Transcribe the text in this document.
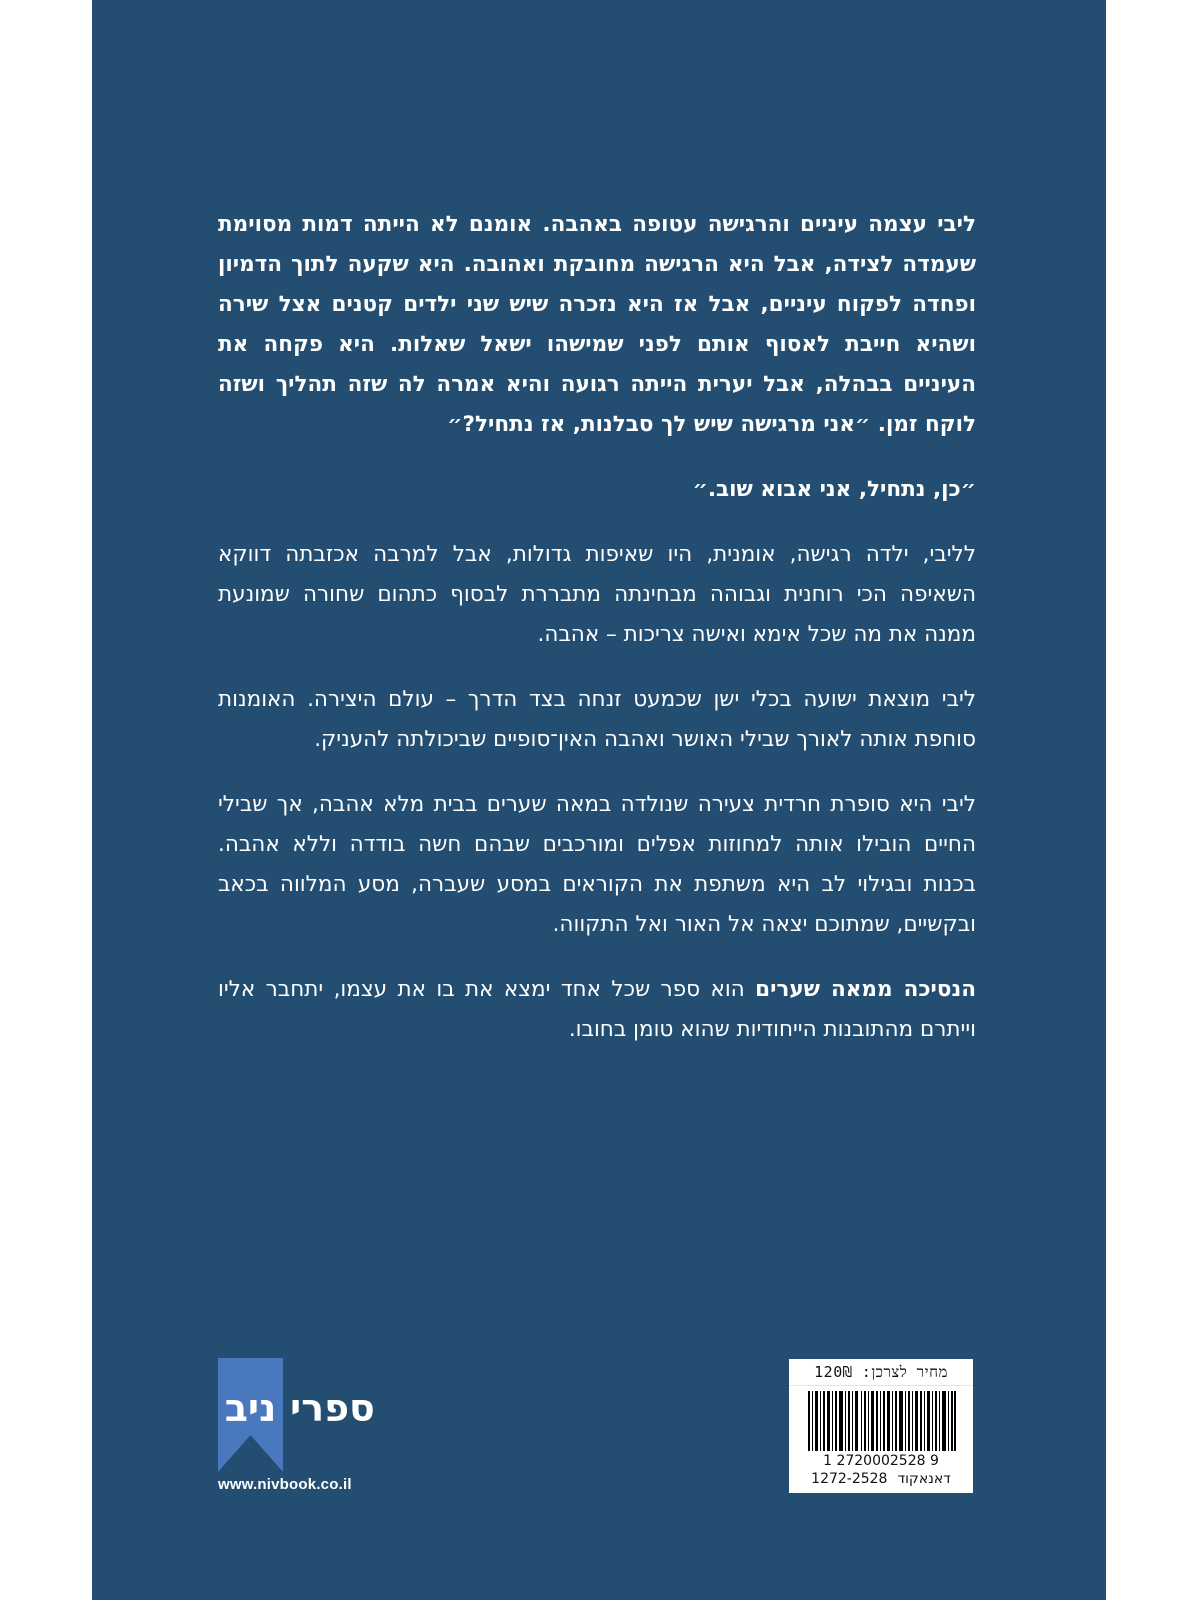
ליבי עצמה עיניים והרגישה עטופה באהבה. אומנם לא הייתה דמות מסוימת שעמדה לצידה, אבל היא הרגישה מחובקת ואהובה. היא שקעה לתוך הדמיון ופחדה לפקוח עיניים, אבל אז היא נזכרה שיש שני ילדים קטנים אצל שירה ושהיא חייבת לאסוף אותם לפני שמישהו ישאל שאלות. היא פקחה את העיניים בבהלה, אבל יערית הייתה רגועה והיא אמרה לה שזה תהליך ושזה לוקח זמן. ״אני מרגישה שיש לך סבלנות, אז נתחיל?״

״כן, נתחיל, אני אבוא שוב.״

לליבי, ילדה רגישה, אומנית, היו שאיפות גדולות, אבל למרבה אכזבתה דווקא השאיפה הכי רוחנית וגבוהה מבחינתה מתבררת לבסוף כתהום שחורה שמונעת ממנה את מה שכל אימא ואישה צריכות – אהבה.

ליבי מוצאת ישועה בכלי ישן שכמעט זנחה בצד הדרך – עולם היצירה. האומנות סוחפת אותה לאורך שבילי האושר ואהבה האין־סופיים שביכולתה להעניק.

ליבי היא סופרת חרדית צעירה שנולדה במאה שערים בבית מלא אהבה, אך שבילי החיים הובילו אותה למחוזות אפלים ומורכבים שבהם חשה בודדה וללא אהבה. בכנות ובגילוי לב היא משתפת את הקוראים במסע שעברה, מסע המלווה בכאב ובקשיים, שמתוכם יצאה אל האור ואל התקווה.

הנסיכה ממאה שערים הוא ספר שכל אחד ימצא את בו את עצמו, יתחבר אליו וייתרם מהתובנות הייחודיות שהוא טומן בחובו.

ניב ספרי
www.nivbook.co.il
מחיר לצרכן: 120₪
1 2720002528 9
דאנאקוד1272-2528
